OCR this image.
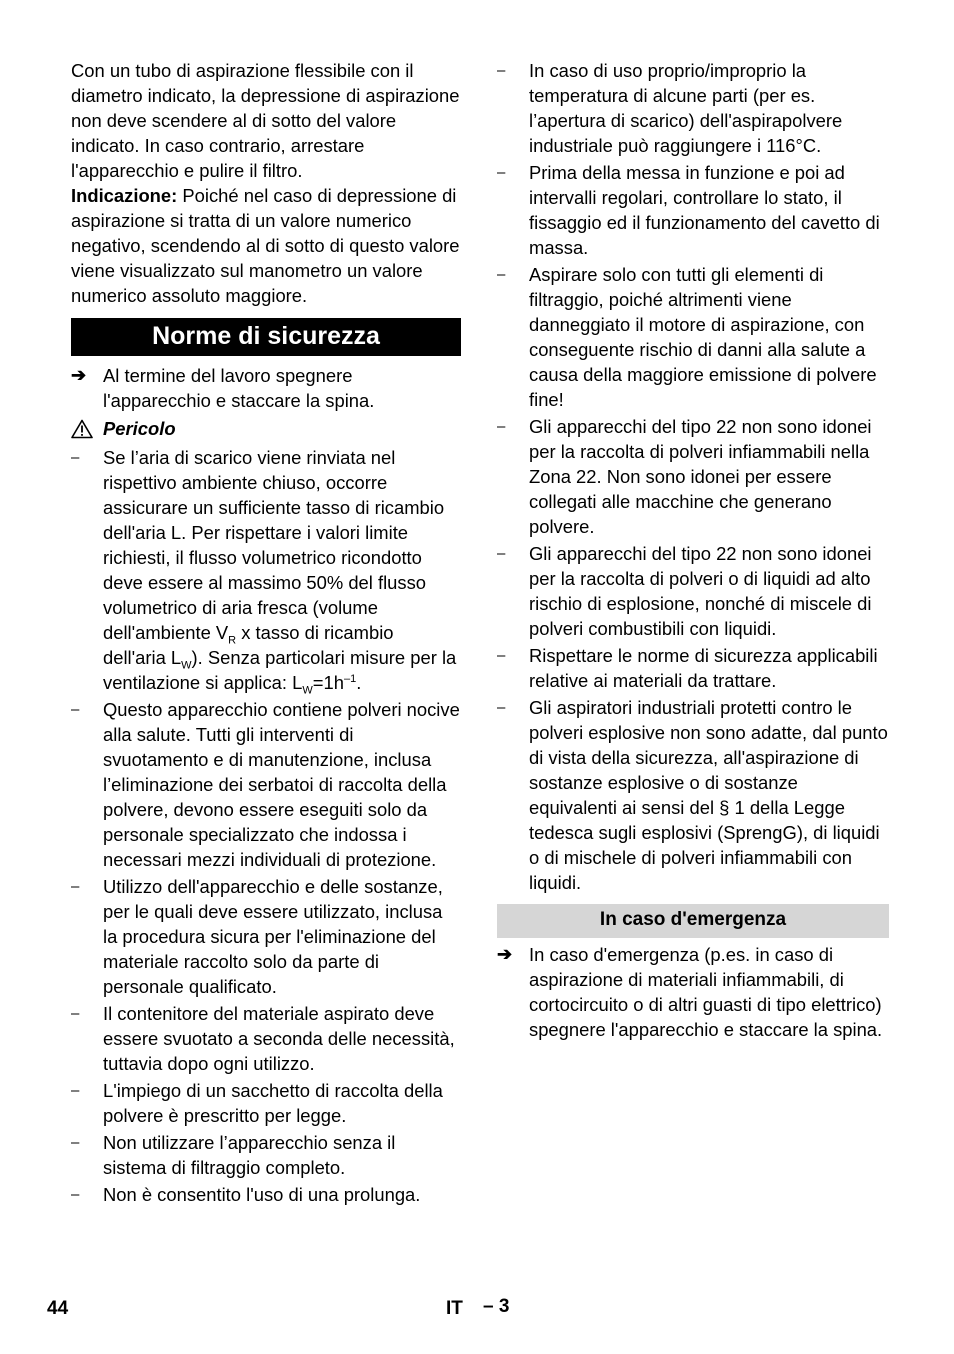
Con un tubo di aspirazione flessibile con il diametro indicato, la depressione di aspirazione non deve scendere al di sotto del valore indicato. In caso contrario, arrestare l'apparecchio e pulire il filtro.

Indicazione: Poiché nel caso di depressione di aspirazione si tratta di un valore numerico negativo, scendendo al di sotto di questo valore viene visualizzato sul manometro un valore numerico assoluto maggiore.

Norme di sicurezza
➔ Al termine del lavoro spegnere l'apparecchio e staccare la spina.
Pericolo
–	Se l’aria di scarico viene rinviata nel rispettivo ambiente chiuso, occorre assicurare un sufficiente tasso di ricambio dell'aria L. Per rispettare i valori limite richiesti, il flusso volumetrico ricondotto deve essere al massimo 50% del flusso volumetrico di aria fresca (volume dell'ambiente $V_R$ x tasso di ricambio dell'aria $L_W$). Senza particolari misure per la ventilazione si applica: $L_W=1h^{-1}$.
–	Questo apparecchio contiene polveri nocive alla salute. Tutti gli interventi di svuotamento e di manutenzione, inclusa l’eliminazione dei serbatoi di raccolta della polvere, devono essere eseguiti solo da personale specializzato che indossa i necessari mezzi individuali di protezione.
–	Utilizzo dell'apparecchio e delle sostanze, per le quali deve essere utilizzato, inclusa la procedura sicura per l'eliminazione del materiale raccolto solo da parte di personale qualificato.
–	Il contenitore del materiale aspirato deve essere svuotato a seconda delle necessità, tuttavia dopo ogni utilizzo.
–	L'impiego di un sacchetto di raccolta della polvere è prescritto per legge.
–	Non utilizzare l’apparecchio senza il sistema di filtraggio completo.
–	Non è consentito l'uso di una prolunga.
–	In caso di uso proprio/improprio la temperatura di alcune parti (per es. l’apertura di scarico) dell'aspirapolvere industriale può raggiungere i 116°C.
–	Prima della messa in funzione e poi ad intervalli regolari, controllare lo stato, il fissaggio ed il funzionamento del cavetto di massa.
–	Aspirare solo con tutti gli elementi di filtraggio, poiché altrimenti viene danneggiato il motore di aspirazione, con conseguente rischio di danni alla salute a causa della maggiore emissione di polvere fine!
–	Gli apparecchi del tipo 22 non sono idonei per la raccolta di polveri infiammabili nella Zona 22. Non sono idonei per essere collegati alle macchine che generano polvere.
–	Gli apparecchi del tipo 22 non sono idonei per la raccolta di polveri o di liquidi ad alto rischio di esplosione, nonché di miscele di polveri combustibili con liquidi.
–	Rispettare le norme di sicurezza applicabili relative ai materiali da trattare.
–	Gli aspiratori industriali protetti contro le polveri esplosive non sono adatte, dal punto di vista della sicurezza, all'aspirazione di sostanze esplosive o di sostanze equivalenti ai sensi del § 1 della Legge tedesca sugli esplosivi (SprengG), di liquidi o di mischele di polveri infiammabili con liquidi.
In caso d'emergenza
➔ In caso d'emergenza (p.es. in caso di aspirazione di materiali infiammabili, di cortocircuito o di altri guasti di tipo elettrico) spegnere l'apparecchio e staccare la spina.
44	IT – 3
